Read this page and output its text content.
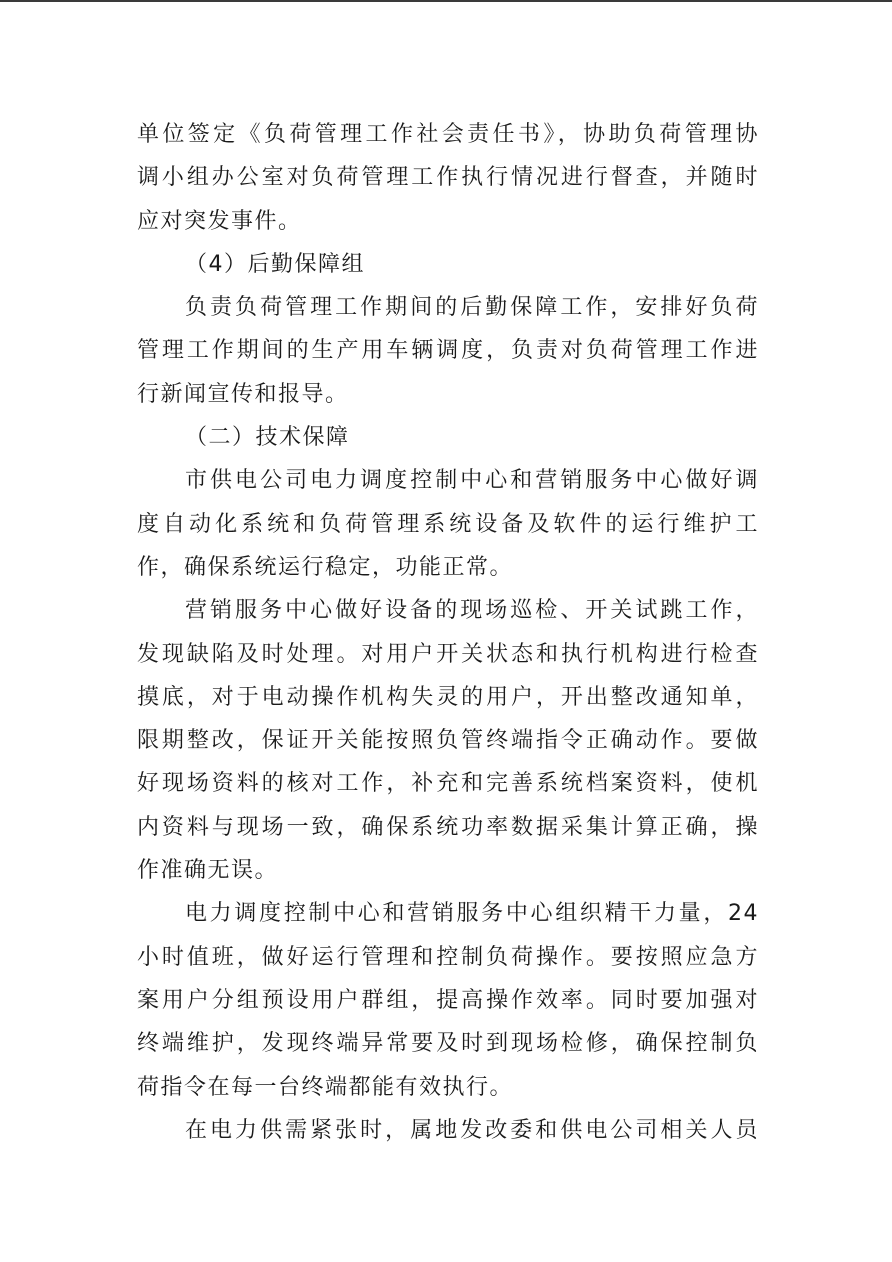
单位签定《负荷管理工作社会责任书》，协助负荷管理协
调小组办公室对负荷管理工作执行情况进行督查，并随时
应对突发事件。
（4）后勤保障组
负责负荷管理工作期间的后勤保障工作，安排好负荷
管理工作期间的生产用车辆调度，负责对负荷管理工作进
行新闻宣传和报导。
（二）技术保障
市供电公司电力调度控制中心和营销服务中心做好调
度自动化系统和负荷管理系统设备及软件的运行维护工
作，确保系统运行稳定，功能正常。
营销服务中心做好设备的现场巡检、开关试跳工作，
发现缺陷及时处理。对用户开关状态和执行机构进行检查
摸底，对于电动操作机构失灵的用户，开出整改通知单，
限期整改，保证开关能按照负管终端指令正确动作。要做
好现场资料的核对工作，补充和完善系统档案资料，使机
内资料与现场一致，确保系统功率数据采集计算正确，操
作准确无误。
电力调度控制中心和营销服务中心组织精干力量，24
小时值班，做好运行管理和控制负荷操作。要按照应急方
案用户分组预设用户群组，提高操作效率。同时要加强对
终端维护，发现终端异常要及时到现场检修，确保控制负
荷指令在每一台终端都能有效执行。
在电力供需紧张时，属地发改委和供电公司相关人员
